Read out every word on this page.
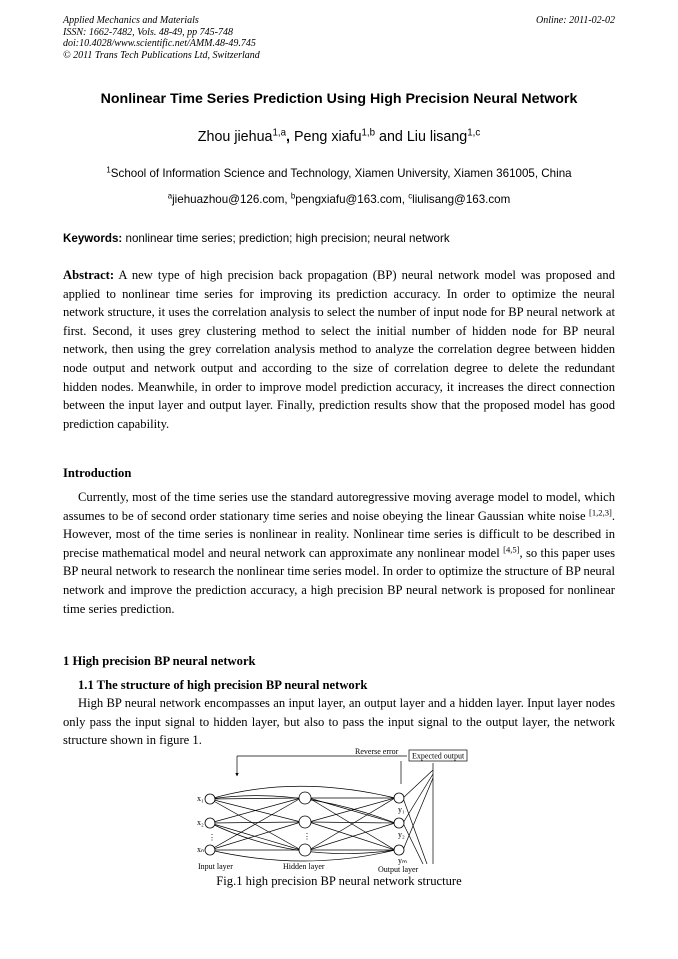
Applied Mechanics and Materials
ISSN: 1662-7482, Vols. 48-49, pp 745-748
doi:10.4028/www.scientific.net/AMM.48-49.745
© 2011 Trans Tech Publications Ltd, Switzerland
Online: 2011-02-02
Nonlinear Time Series Prediction Using High Precision Neural Network
Zhou jiehua$^{1,a}$, Peng xiafu$^{1,b}$ and Liu lisang$^{1,c}$
$^1$School of Information Science and Technology, Xiamen University, Xiamen 361005, China
$^a$jiehuazhou@126.com, $^b$pengxiafu@163.com, $^c$liulisang@163.com
Keywords: nonlinear time series; prediction; high precision; neural network
Abstract: A new type of high precision back propagation (BP) neural network model was proposed and applied to nonlinear time series for improving its prediction accuracy. In order to optimize the neural network structure, it uses the correlation analysis to select the number of input node for BP neural network at first. Second, it uses grey clustering method to select the initial number of hidden node for BP neural network, then using the grey correlation analysis method to analyze the correlation degree between hidden node output and network output and according to the size of correlation degree to delete the redundant hidden nodes. Meanwhile, in order to improve model prediction accuracy, it increases the direct connection between the input layer and output layer. Finally, prediction results show that the proposed model has good prediction capability.
Introduction
Currently, most of the time series use the standard autoregressive moving average model to model, which assumes to be of second order stationary time series and noise obeying the linear Gaussian white noise [1,2,3]. However, most of the time series is nonlinear in reality. Nonlinear time series is difficult to be described in precise mathematical model and neural network can approximate any nonlinear model [4,5], so this paper uses BP neural network to research the nonlinear time series model. In order to optimize the structure of BP neural network and improve the prediction accuracy, a high precision BP neural network is proposed for nonlinear time series prediction.
1 High precision BP neural network
1.1 The structure of high precision BP neural network
High BP neural network encompasses an input layer, an output layer and a hidden layer. Input layer nodes only pass the input signal to hidden layer, but also to pass the input signal to the output layer, the network structure shown in figure 1.
Reverse error Expected output
x₁
x₂
⋮
xₙ
⋮
y₁
y₂
yₘ
Input layer	Hidden layer	Output layer
Fig.1 high precision BP neural network structure
